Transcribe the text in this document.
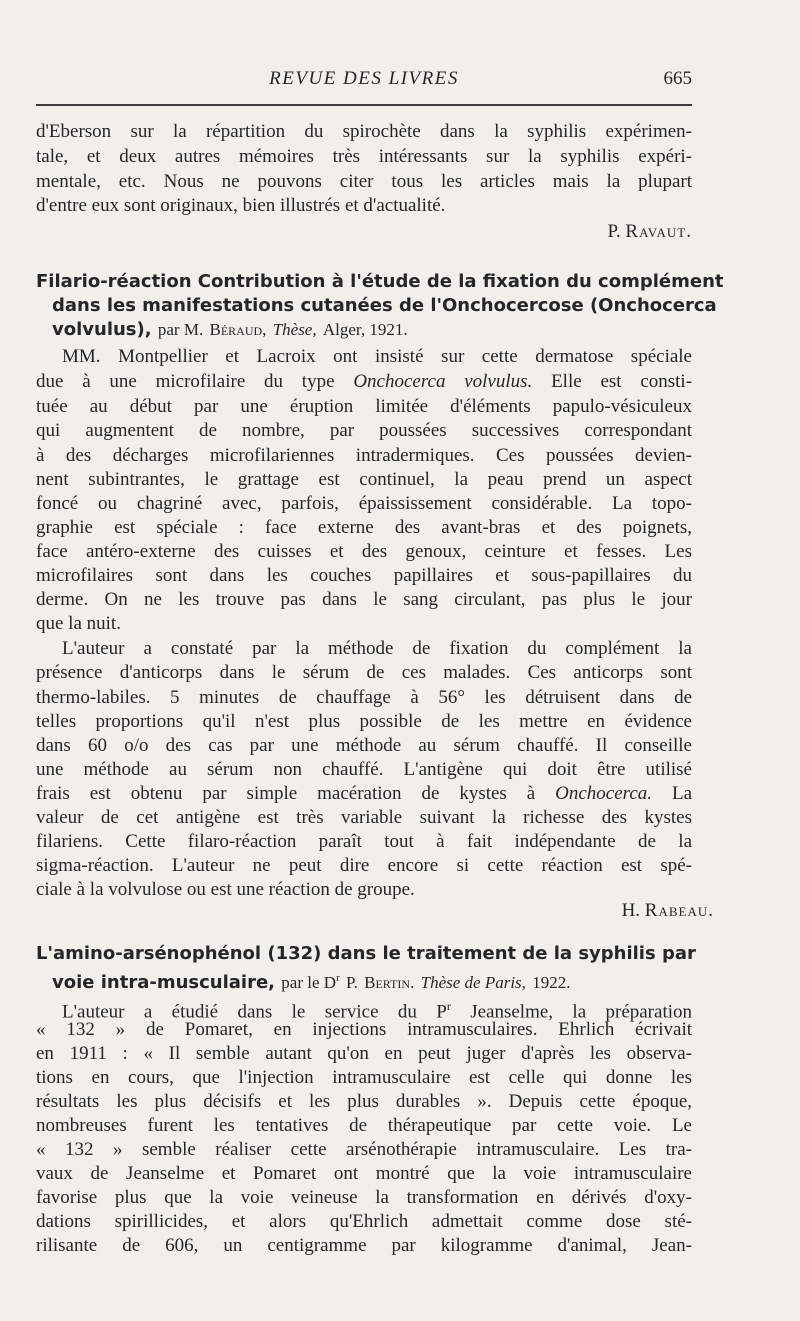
REVUE DES LIVRES	665
d'Eberson sur la répartition du spirochète dans la syphilis expérimen-
tale, et deux autres mémoires très intéressants sur la syphilis expéri-
mentale, etc. Nous ne pouvons citer tous les articles mais la plupart
d'entre eux sont originaux, bien illustrés et d'actualité.
P. Ravaut.
Filario-réaction Contribution à l'étude de la fixation du complément
dans les manifestations cutanées de l'Onchocercose (Onchocerca
volvulus), par M. Béraud, Thèse, Alger, 1921.
MM. Montpellier et Lacroix ont insisté sur cette dermatose spéciale
due à une microfilaire du type Onchocerca volvulus. Elle est consti-
tuée au début par une éruption limitée d'éléments papulo-vésiculeux
qui augmentent de nombre, par poussées successives correspondant
à des décharges microfilariennes intradermiques. Ces poussées devien-
nent subintrantes, le grattage est continuel, la peau prend un aspect
foncé ou chagriné avec, parfois, épaississement considérable. La topo-
graphie est spéciale : face externe des avant-bras et des poignets,
face antéro-externe des cuisses et des genoux, ceinture et fesses. Les
microfilaires sont dans les couches papillaires et sous-papillaires du
derme. On ne les trouve pas dans le sang circulant, pas plus le jour
que la nuit.
L'auteur a constaté par la méthode de fixation du complément la
présence d'anticorps dans le sérum de ces malades. Ces anticorps sont
thermo-labiles. 5 minutes de chauffage à 56° les détruisent dans de
telles proportions qu'il n'est plus possible de les mettre en évidence
dans 60 o/o des cas par une méthode au sérum chauffé. Il conseille
une méthode au sérum non chauffé. L'antigène qui doit être utilisé
frais est obtenu par simple macération de kystes à Onchocerca. La
valeur de cet antigène est très variable suivant la richesse des kystes
filariens. Cette filaro-réaction paraît tout à fait indépendante de la
sigma-réaction. L'auteur ne peut dire encore si cette réaction est spé-
ciale à la volvulose ou est une réaction de groupe.
H. Rabeau.
L'amino-arsénophénol (132) dans le traitement de la syphilis par
voie intra-musculaire, par le $D^r$ P. Bertin. Thèse de Paris, 1922.
L'auteur a étudié dans le service du $P^r$ Jeanselme, la préparation
« 132 » de Pomaret, en injections intramusculaires. Ehrlich écrivait
en 1911 : « Il semble autant qu'on en peut juger d'après les observa-
tions en cours, que l'injection intramusculaire est celle qui donne les
résultats les plus décisifs et les plus durables ». Depuis cette époque,
nombreuses furent les tentatives de thérapeutique par cette voie. Le
« 132 » semble réaliser cette arsénothérapie intramusculaire. Les tra-
vaux de Jeanselme et Pomaret ont montré que la voie intramusculaire
favorise plus que la voie veineuse la transformation en dérivés d'oxy-
dations spirillicides, et alors qu'Ehrlich admettait comme dose sté-
rilisante de 606, un centigramme par kilogramme d'animal, Jean-
